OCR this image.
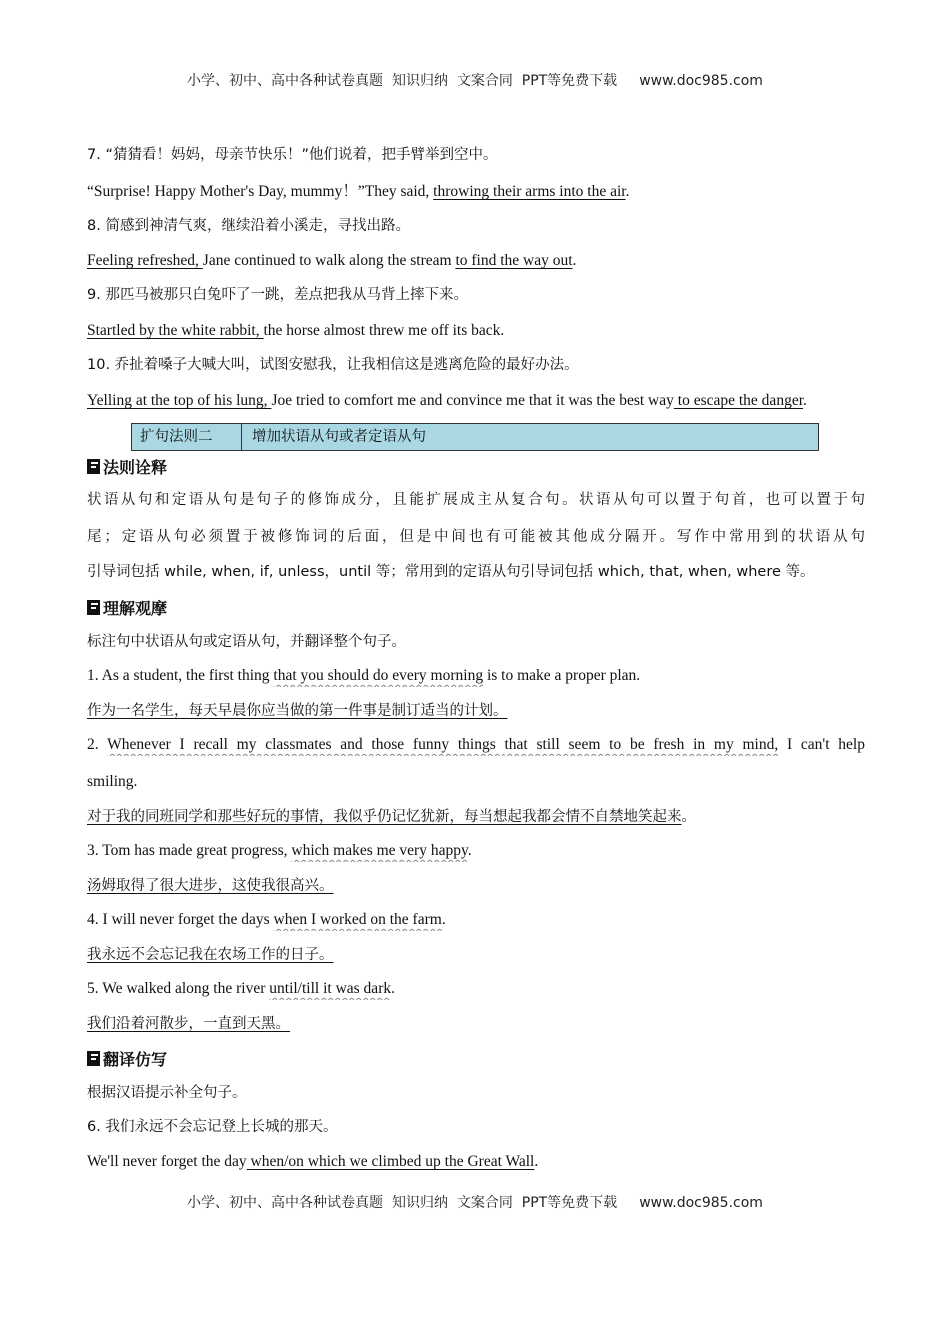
小学、初中、高中各种试卷真题  知识归纳  文案合同  PPT等免费下载 www.doc985.com
7. “猜猜看！妈妈，母亲节快乐！”他们说着，把手臂举到空中。
“Surprise! Happy Mother's Day, mummy！”They said, throwing their arms into the air.
8. 简感到神清气爽，继续沿着小溪走，寻找出路。
Feeling refreshed, Jane continued to walk along the stream to find the way out.
9. 那匹马被那只白兔吓了一跳，差点把我从马背上摔下来。
Startled by the white rabbit, the horse almost threw me off its back.
10. 乔扯着嗓子大喊大叫，试图安慰我，让我相信这是逃离危险的最好办法。
Yelling at the top of his lung, Joe tried to comfort me and convince me that it was the best way to escape the danger.
扩句法则二	增加状语从句或者定语从句
法则诠释
状语从句和定语从句是句子的修饰成分，且能扩展成主从复合句。状语从句可以置于句首，也可以置于句
尾；定语从句必须置于被修饰词的后面，但是中间也有可能被其他成分隔开。写作中常用到的状语从句
引导词包括 while, when, if, unless，until 等；常用到的定语从句引导词包括 which, that, when, where 等。
理解观摩
标注句中状语从句或定语从句，并翻译整个句子。
1. As a student, the first thing that you should do every morning is to make a proper plan.
作为一名学生，每天早晨你应当做的第一件事是制订适当的计划。
2. Whenever I recall my classmates and those funny things that still seem to be fresh in my mind, I can't help
smiling.
对于我的同班同学和那些好玩的事情，我似乎仍记忆犹新，每当想起我都会情不自禁地笑起来。
3. Tom has made great progress, which makes me very happy.
汤姆取得了很大进步，这使我很高兴。
4. I will never forget the days when I worked on the farm.
我永远不会忘记我在农场工作的日子。
5. We walked along the river until/till it was dark.
我们沿着河散步，一直到天黑。
翻译仿写
根据汉语提示补全句子。
6. 我们永远不会忘记登上长城的那天。
We'll never forget the day when/on which we climbed up the Great Wall.
小学、初中、高中各种试卷真题  知识归纳  文案合同  PPT等免费下载 www.doc985.com
